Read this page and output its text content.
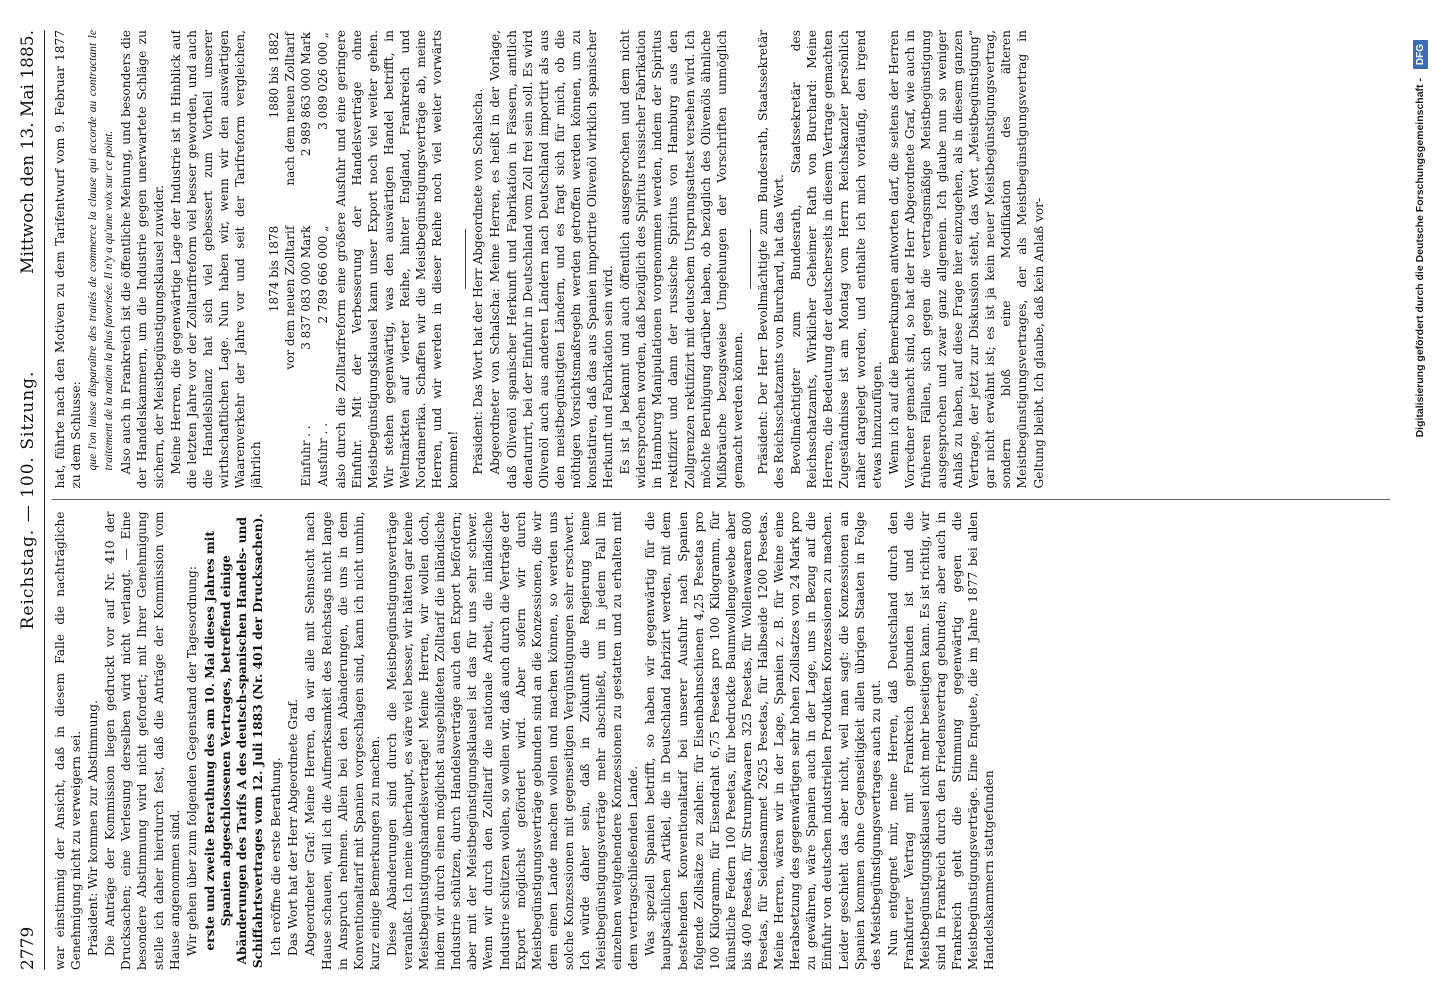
2779
Reichstag. — 100. Sitzung.
Mittwoch den 13. Mai 1885.

war einstimmig der Ansicht, daß in diesem Falle die nachträgliche Genehmigung nicht zu verweigern sei. Präsident: Wir kommen zur Abstimmung. Die Anträge der Kommission liegen gedruckt vor auf Nr. 410 der Drucksachen; eine Verlesung derselben wird nicht verlangt. — Eine besondere Abstimmung wird nicht gefordert; mit Ihrer Genehmigung stelle ich daher hierdurch fest, daß die Anträge der Kommission vom Hause angenommen sind. Wir gehen über zum folgenden Gegenstand der Tagesordnung: erste und zweite Berathung des am 10. Mai dieses Jahres mit Spanien abgeschlossenen Vertrages, betreffend einige Abänderungen des Tarifs A des deutsch-spanischen Handels- und Schiffahrtsvertrages vom 12. Juli 1883 (Nr. 401 der Drucksachen). Ich eröffne die erste Berathung. Das Wort hat der Herr Abgeordnete Graf. Abgeordneter Graf: Meine Herren, da wir alle mit Sehnsucht nach Hause schauen, will ich die Aufmerksamkeit des Reichstags nicht lange in Anspruch nehmen. Allein bei den Abänderungen, die uns in dem Konventionaltarif mit Spanien vorgeschlagen sind, kann ich nicht umhin, kurz einige Bemerkungen zu machen. Diese Abänderungen sind durch die Meistbegünstigungsverträge veranlaßt. Ich meine überhaupt, es wäre viel besser, wir hätten gar keine Meistbegünstigungshandelsverträge! Meine Herren, wir wollen doch, indem wir durch einen möglichst ausgebildeten Zolltarif die inländische Industrie schützen, durch Handelsverträge auch den Export befördern; aber mit der Meistbegünstigungsklausel ist das für uns sehr schwer. Wenn wir durch den Zolltarif die nationale Arbeit, die inländische Industrie schützen wollen, so wollen wir, daß auch durch die Verträge der Export möglichst gefördert wird. Aber sofern wir durch Meistbegünstigungsverträge gebunden sind an die Konzessionen, die wir dem einen Lande machen wollen und machen können, so werden uns solche Konzessionen mit gegenseitigen Vergünstigungen sehr erschwert. Ich würde daher sein, daß in Zukunft die Regierung keine Meistbegünstigungsverträge mehr abschließt, um in jedem Fall im einzelnen weitgehendere Konzessionen zu gestatten und zu erhalten mit dem vertragschließenden Lande. Was speziell Spanien betrifft, so haben wir gegenwärtig für die hauptsächlichen Artikel, die in Deutschland fabrizirt werden, mit dem bestehenden Konventionaltarif bei unserer Ausfuhr nach Spanien folgende Zollsätze zu zahlen: für Eisenbahnschienen 4,25 Pesetas pro 100 Kilogramm, für Eisendraht 6,75 Pesetas pro 100 Kilogramm, für künstliche Federn 100 Pesetas, für bedruckte Baumwollengewebe aber bis 400 Pesetas, für Strumpfwaaren 325 Pesetas, für Wollenwaaren 800 Pesetas, für Seidensammet 2625 Pesetas, für Halbseide 1200 Pesetas. Meine Herren, wären wir in der Lage, Spanien z. B. für Weine eine Herabsetzung des gegenwärtigen sehr hohen Zollsatzes von 24 Mark pro zu gewähren, wäre Spanien auch in der Lage, uns in Bezug auf die Einfuhr von deutschen industriellen Produkten Konzessionen zu machen. Leider geschieht das aber nicht, weil man sagt: die Konzessionen an Spanien kommen ohne Gegenseitigkeit allen übrigen Staaten in Folge des Meistbegünstigungsvertrages auch zu gut. Nun entgegnet mir, meine Herren, daß Deutschland durch den Frankfurter Vertrag mit Frankreich gebunden ist und die Meistbegünstigungsklausel nicht mehr beseitigen kann. Es ist richtig, wir sind in Frankreich durch den Friedensvertrag gebunden; aber auch in Frankreich geht die Stimmung gegenwärtig gegen die Meistbegünstigungsverträge. Eine Enquete, die im Jahre 1877 bei allen Handelskammern stattgefunden

hat, führte nach den Motiven zu dem Tarifentwurf vom 9. Februar 1877 zu dem Schlusse: que l'on laisse disparaître des traités de commerce la clause qui accorde au contractant le traitement de la nation la plus favorisée. Il n'y a qu'une voix sur ce point. Also auch in Frankreich ist die öffentliche Meinung, und besonders die der Handelskammern, um die Industrie gegen unerwartete Schläge zu sichern, der Meistbegünstigungsklausel zuwider. Meine Herren, die gegenwärtige Lage der Industrie ist in Hinblick auf die letzten Jahre vor der Zolltarifreform viel besser geworden, und auch die Handelsbilanz hat sich viel gebessert zum Vortheil unserer wirthschaftlichen Lage. Nun haben wir, wenn wir den auswärtigen Waarenverkehr der Jahre vor und seit der Tarifreform vergleichen, jährlich

	1874 bis 1878	1880 bis 1882
	vor dem neuen Zolltarif	nach dem neuen Zolltarif
Einfuhr . .	3 837 083 000 Mark	2 989 863 000 Mark
Ausfuhr . .	2 789 666 000 „	3 089 026 000 „ also durch die Zolltarifreform eine größere Ausfuhr und eine geringere Einfuhr. Mit der Verbesserung der Handelsverträge ohne Meistbegünstigungsklausel kann unser Export noch viel weiter gehen. Wir stehen gegenwärtig, was den auswärtigen Handel betrifft, in Weltmärkten auf vierter Reihe, hinter England, Frankreich und Nordamerika. Schaffen wir die Meistbegünstigungsverträge ab, meine Herren, und wir werden in dieser Reihe noch viel weiter vorwärts kommen! Präsident: Das Wort hat der Herr Abgeordnete von Schalscha. Abgeordneter von Schalscha: Meine Herren, es heißt in der Vorlage, daß Olivenöl spanischer Herkunft und Fabrikation in Fässern, amtlich denaturirt, bei der Einfuhr in Deutschland vom Zoll frei sein soll. Es wird Olivenöl auch aus anderen Ländern nach Deutschland importirt als aus den meistbegünstigten Ländern, und es fragt sich für mich, ob die nöthigen Vorsichtsmaßregeln werden getroffen werden können, um zu konstatiren, daß das aus Spanien importirte Olivenöl wirklich spanischer Herkunft und Fabrikation sein wird. Es ist ja bekannt und auch öffentlich ausgesprochen und dem nicht widersprochen worden, daß bezüglich des Spiritus russischer Fabrikation in Hamburg Manipulationen vorgenommen werden, indem der Spiritus rektifizirt und dann der russische Spiritus von Hamburg aus den Zollgrenzen rektifizirt mit deutschem Ursprungsattest versehen wird. Ich möchte Beruhigung darüber haben, ob bezüglich des Olivenöls ähnliche Mißbräuche bezugsweise Umgehungen der Vorschriften unmöglich gemacht werden können. Präsident: Der Herr Bevollmächtigte zum Bundesrath, Staatssekretär des Reichsschatzamts von Burchard, hat das Wort. Bevollmächtigter zum Bundesrath, Staatssekretär des Reichsschatzamts, Wirklicher Geheimer Rath von Burchard: Meine Herren, die Bedeutung der deutscherseits in diesem Vertrage gemachten Zugeständnisse ist am Montag vom Herrn Reichskanzler persönlich näher dargelegt worden, und enthalte ich mich vorläufig, den irgend etwas hinzuzufügen. Wenn ich auf die Bemerkungen antworten darf, die seitens der Herren Vorredner gemacht sind, so hat der Herr Abgeordnete Graf, wie auch in früheren Fällen, sich gegen die vertragsmäßige Meistbegünstigung ausgesprochen und zwar ganz allgemein. Ich glaube nun so weniger Anlaß zu haben, auf diese Frage hier einzugehen, als in diesem ganzen Vertrage, der jetzt zur Diskussion steht, das Wort „Meistbegünstigung“ gar nicht erwähnt ist; es ist ja kein neuer Meistbegünstigungsvertrag, sondern bloß eine Modifikation des älteren Meistbegünstigungsvertrages, der als Meistbegünstigungsvertrag in Geltung bleibt. Ich glaube, daß kein Anlaß vor-	Digitalisierung gefördert durch die Deutsche Forschungsgemeinschaft - DFG
